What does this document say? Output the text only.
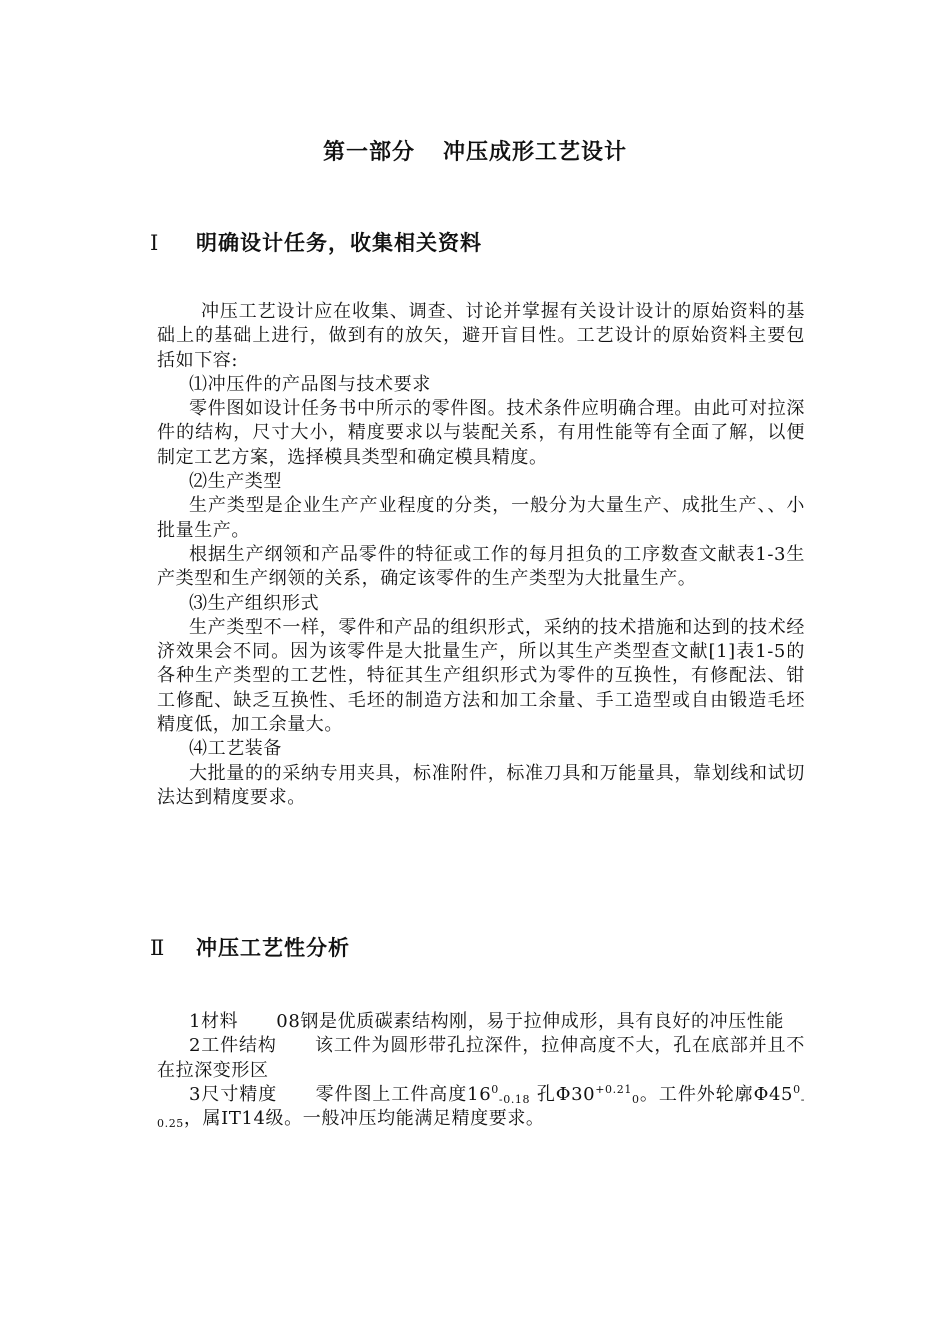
第一部分 冲压成形工艺设计
Ⅰ 明确设计任务，收集相关资料

冲压工艺设计应在收集、调查、讨论并掌握有关设计设计的原始资料的基础上的基础上进行，做到有的放矢，避开盲目性。工艺设计的原始资料主要包括如下容:

⑴冲压件的产品图与技术要求

零件图如设计任务书中所示的零件图。技术条件应明确合理。由此可对拉深件的结构，尺寸大小，精度要求以与装配关系，有用性能等有全面了解，以便制定工艺方案，选择模具类型和确定模具精度。

⑵生产类型

生产类型是企业生产产业程度的分类，一般分为大量生产、成批生产、、小批量生产。

根据生产纲领和产品零件的特征或工作的每月担负的工序数查文献表1-3生产类型和生产纲领的关系，确定该零件的生产类型为大批量生产。

⑶生产组织形式

生产类型不一样，零件和产品的组织形式，采纳的技术措施和达到的技术经济效果会不同。因为该零件是大批量生产，所以其生产类型查文献[1]表1-5的各种生产类型的工艺性，特征其生产组织形式为零件的互换性，有修配法、钳工修配、缺乏互换性、毛坯的制造方法和加工余量、手工造型或自由锻造毛坯精度低，加工余量大。

⑷工艺装备

大批量的的采纳专用夹具，标准附件，标准刀具和万能量具，靠划线和试切法达到精度要求。

Ⅱ 冲压工艺性分析

1材料 08钢是优质碳素结构刚，易于拉伸成形，具有良好的冲压性能

2工件结构 该工件为圆形带孔拉深件，拉伸高度不大，孔在底部并且不在拉深变形区

3尺寸精度 零件图上工件高度$16^0_{-0.18}$ 孔$\Phi 30^{+0.21}_0$。工件外轮廓$\Phi 45^0_{-0.25}$，属IT14级。一般冲压均能满足精度要求。
